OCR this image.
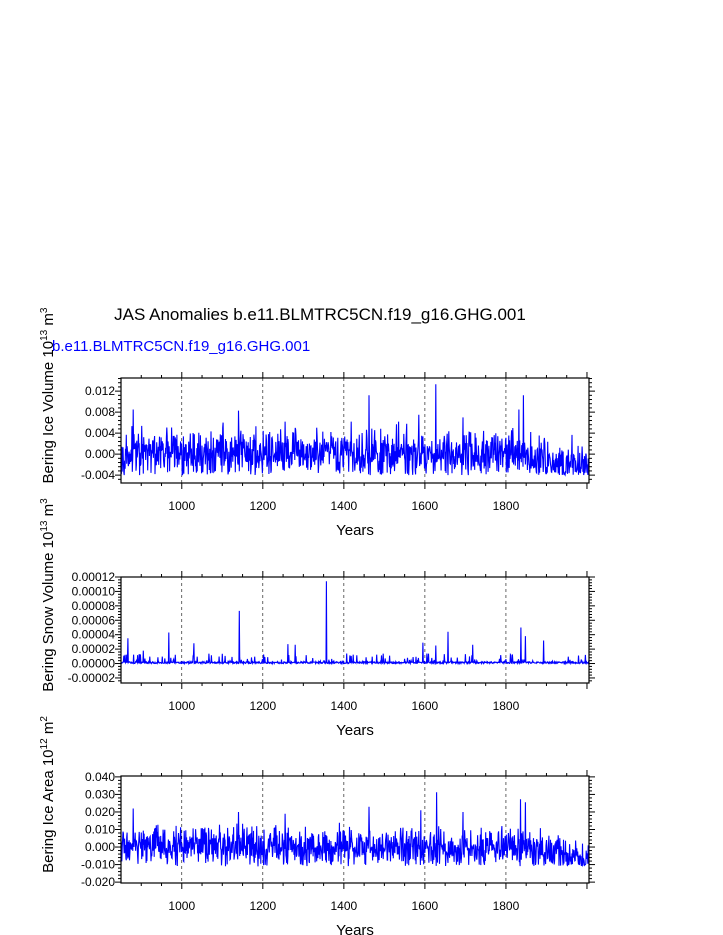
JAS Anomalies b.e11.BLMTRC5CN.f19_g16.GHG.001
b.e11.BLMTRC5CN.f19_g16.GHG.001
1000	1200	1400	1600	1800
-0.004
0.000
0.004
0.008
0.012
Years
Bering Ice Volume $10^{13}$ $m^3$
1000	1200	1400	1600	1800
-0.00002
0.00000
0.00002
0.00004
0.00006
0.00008
0.00010
0.00012
Years
Bering Snow Volume $10^{13}$ $m^3$
1000	1200	1400	1600	1800
-0.020
-0.010
0.000
0.010
0.020
0.030
0.040
Years
Bering Ice Area $10^{12}$ $m^2$
